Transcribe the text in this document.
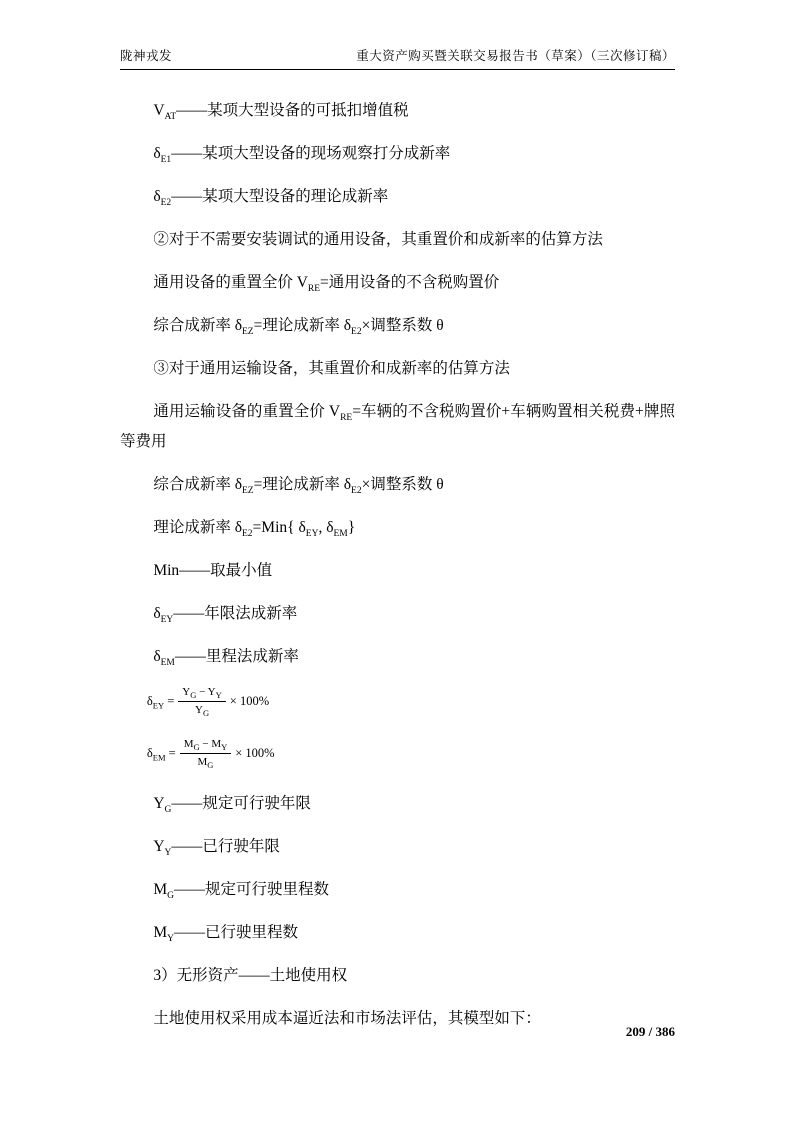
陇神戎发	重大资产购买暨关联交易报告书（草案）（三次修订稿）

$V_{AT}——$某项大型设备的可抵扣增值税

$\delta_{E1}——$某项大型设备的现场观察打分成新率

$\delta_{E2}——$某项大型设备的理论成新率

②对于不需要安装调试的通用设备，其重置价和成新率的估算方法

通用设备的重置全价 $V_{RE}=$通用设备的不含税购置价

综合成新率 $\delta_{EZ}=$理论成新率 $\delta_{E2}\times$调整系数 θ

③对于通用运输设备，其重置价和成新率的估算方法

通用运输设备的重置全价 $V_{RE}=$车辆的不含税购置价+车辆购置相关税费+牌照等费用

综合成新率 $\delta_{EZ}=$理论成新率 $\delta_{E2}\times$调整系数 θ

理论成新率 $\delta_{E2}=Min${ $\delta_{EY}$, $\delta_{EM}$}

Min——取最小值

$\delta_{EY}——$年限法成新率

$\delta_{EM}——$里程法成新率

$\delta_{EY} = \frac{Y_G - Y_Y}{Y_G} \times 100\%$
$\delta_{EM} = \frac{M_G - M_Y}{M_G} \times 100\%$

$Y_G——$规定可行驶年限

$Y_Y——$已行驶年限

$M_G——$规定可行驶里程数

$M_Y——$已行驶里程数

3）无形资产——土地使用权

土地使用权采用成本逼近法和市场法评估，其模型如下：

209 / 386
